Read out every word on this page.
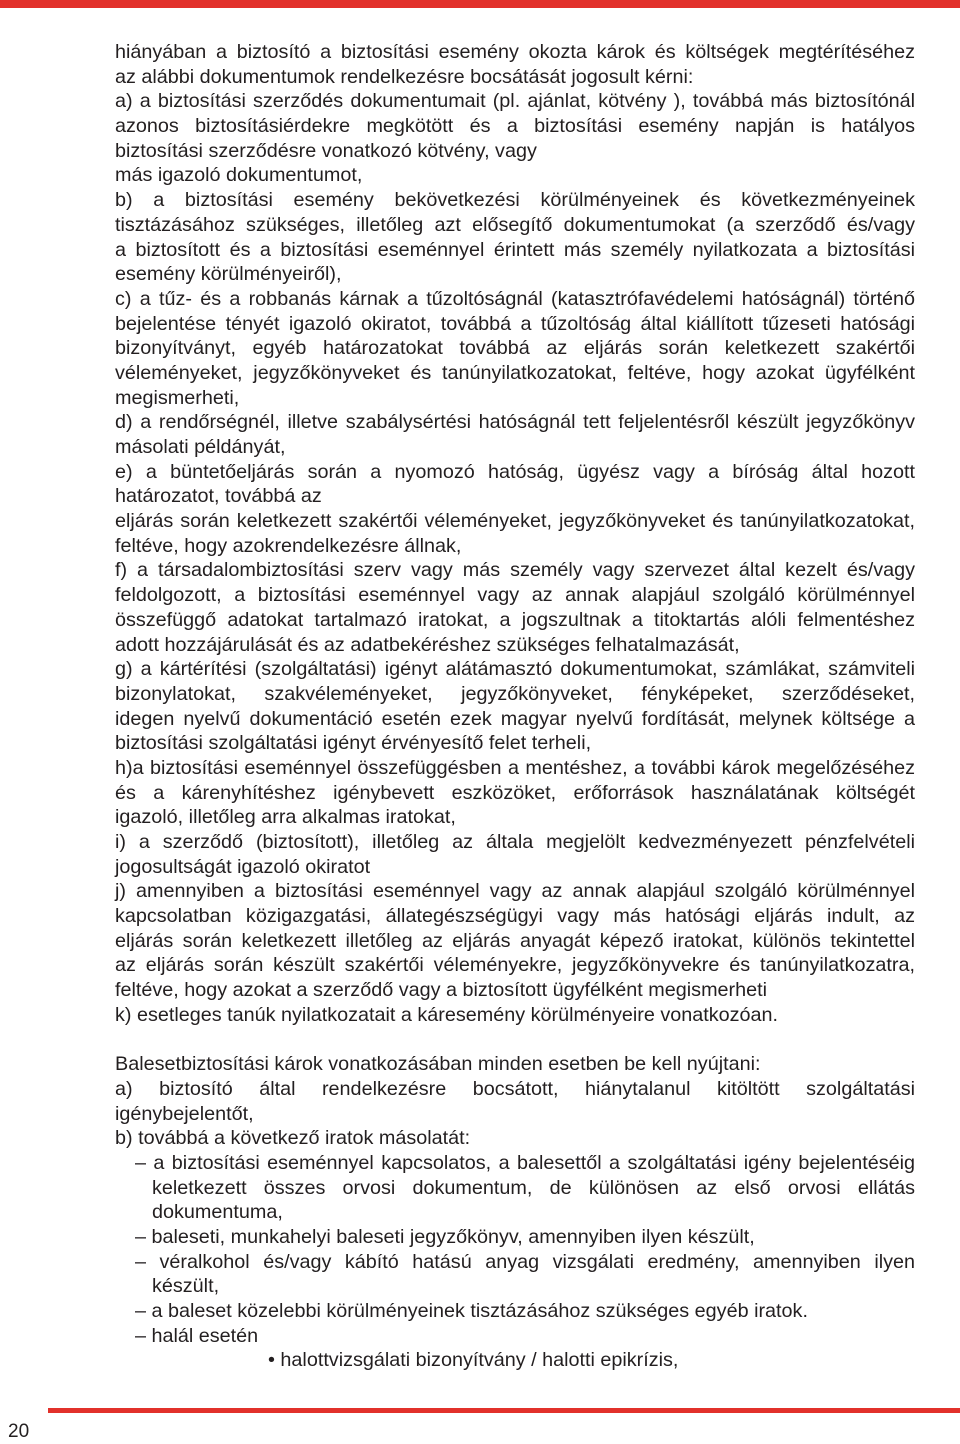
hiányában a biztosító a biztosítási esemény okozta károk és költségek megtérítéséhez
az alábbi dokumentumok rendelkezésre bocsátását jogosult kérni:
a) a biztosítási szerződés dokumentumait (pl. ajánlat, kötvény ), továbbá más biztosítónál
azonos biztosításiérdekre megkötött és a biztosítási esemény napján is hatályos
biztosítási szerződésre vonatkozó kötvény, vagy
más igazoló dokumentumot,
b) a biztosítási esemény bekövetkezési körülményeinek és következményeinek
tisztázásához szükséges, illetőleg azt elősegítő dokumentumokat (a szerződő és/vagy
a biztosított és a biztosítási eseménnyel érintett más személy nyilatkozata a biztosítási
esemény körülményeiről),
c) a tűz- és a robbanás kárnak a tűzoltóságnál (katasztrófavédelemi hatóságnál) történő
bejelentése tényét igazoló okiratot, továbbá a tűzoltóság által kiállított tűzeseti hatósági
bizonyítványt, egyéb határozatokat továbbá az eljárás során keletkezett szakértői
véleményeket, jegyzőkönyveket és tanúnyilatkozatokat, feltéve, hogy azokat ügyfélként
megismerheti,
d) a rendőrségnél, illetve szabálysértési hatóságnál tett feljelentésről készült jegyzőkönyv
másolati példányát,
e) a büntetőeljárás során a nyomozó hatóság, ügyész vagy a bíróság által hozott
határozatot, továbbá az
eljárás során keletkezett szakértői véleményeket, jegyzőkönyveket és tanúnyilatkozatokat,
feltéve, hogy azokrendelkezésre állnak,
f) a társadalombiztosítási szerv vagy más személy vagy szervezet által kezelt és/vagy
feldolgozott, a biztosítási eseménnyel vagy az annak alapjául szolgáló körülménnyel
összefüggő adatokat tartalmazó iratokat, a jogszultnak a titoktartás alóli felmentéshez
adott hozzájárulását és az adatbekéréshez szükséges felhatalmazását,
g) a kártérítési (szolgáltatási) igényt alátámasztó dokumentumokat, számlákat, számviteli
bizonylatokat, szakvéleményeket, jegyzőkönyveket, fényképeket, szerződéseket,
idegen nyelvű dokumentáció esetén ezek magyar nyelvű fordítását, melynek költsége a
biztosítási szolgáltatási igényt érvényesítő felet terheli,
h)a biztosítási eseménnyel összefüggésben a mentéshez, a további károk megelőzéséhez
és a kárenyhítéshez igénybevett eszközöket, erőforrások használatának költségét
igazoló, illetőleg arra alkalmas iratokat,
i) a szerződő (biztosított), illetőleg az általa megjelölt kedvezményezett pénzfelvételi
jogosultságát igazoló okiratot
j) amennyiben a biztosítási eseménnyel vagy az annak alapjául szolgáló körülménnyel
kapcsolatban közigazgatási, állategészségügyi vagy más hatósági eljárás indult, az
eljárás során keletkezett illetőleg az eljárás anyagát képező iratokat, különös tekintettel
az eljárás során készült szakértői véleményekre, jegyzőkönyvekre és tanúnyilatkozatra,
feltéve, hogy azokat a szerződő vagy a biztosított ügyfélként megismerheti
k) esetleges tanúk nyilatkozatait a káresemény körülményeire vonatkozóan.
Balesetbiztosítási károk vonatkozásában minden esetben be kell nyújtani:
a) biztosító által rendelkezésre bocsátott, hiánytalanul kitöltött szolgáltatási
igénybejelentőt,
b) továbbá a következő iratok másolatát:
– a biztosítási eseménnyel kapcsolatos, a balesettől a szolgáltatási igény bejelentéséig
keletkezett összes orvosi dokumentum, de különösen az első orvosi ellátás
dokumentuma,
– baleseti, munkahelyi baleseti jegyzőkönyv, amennyiben ilyen készült,
– véralkohol és/vagy kábító hatású anyag vizsgálati eredmény, amennyiben ilyen
készült,
– a baleset közelebbi körülményeinek tisztázásához szükséges egyéb iratok.
– halál esetén
• halottvizsgálati bizonyítvány / halotti epikrízis,
20
